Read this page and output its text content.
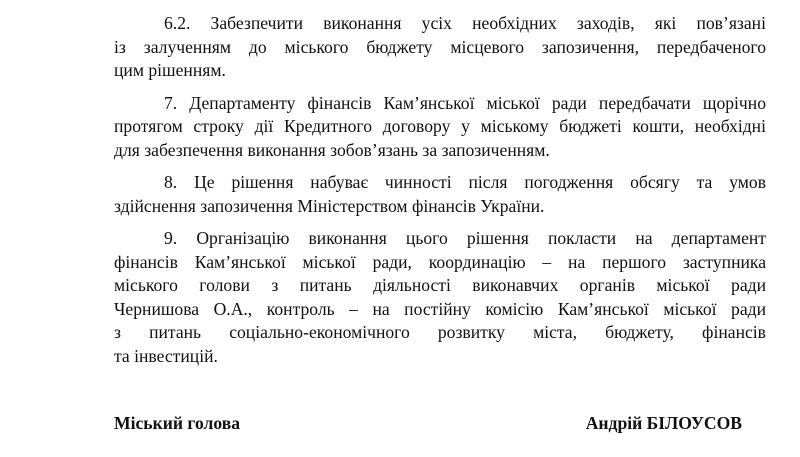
6.2. Забезпечити виконання усіх необхідних заходів, які пов’язані
із залученням до міського бюджету місцевого запозичення, передбаченого
цим рішенням.

7. Департаменту фінансів Кам’янської міської ради передбачати щорічно
протягом строку дії Кредитного договору у міському бюджеті кошти, необхідні
для забезпечення виконання зобов’язань за запозиченням.

8. Це рішення набуває чинності після погодження обсягу та умов
здійснення запозичення Міністерством фінансів України.

9. Організацію виконання цього рішення покласти на департамент
фінансів Кам’янської міської ради, координацію – на першого заступника
міського голови з питань діяльності виконавчих органів міської ради
Чернишова О.А., контроль – на постійну комісію Кам’янської міської ради
з питань соціально-економічного розвитку міста, бюджету, фінансів
та інвестицій.

Міський голова	Андрій БІЛОУСОВ
